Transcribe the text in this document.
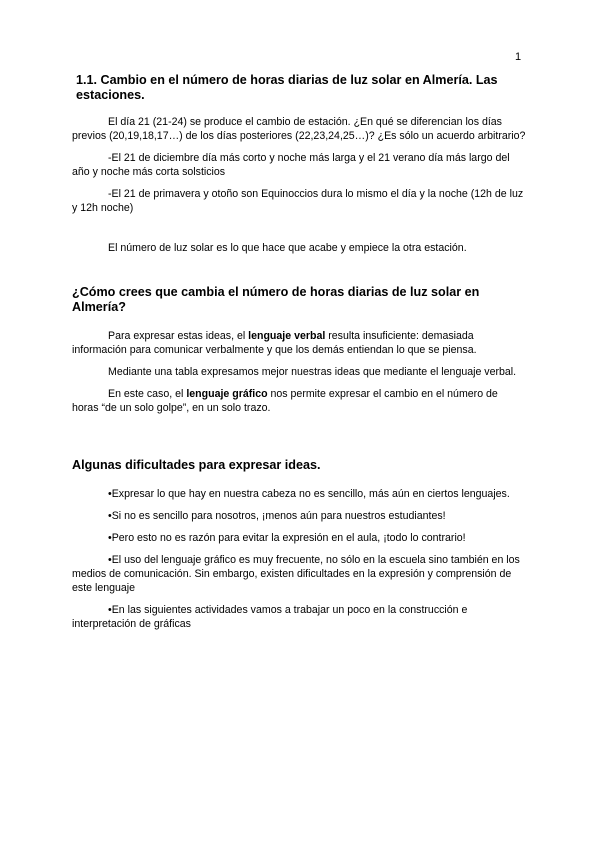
1
1.1. Cambio en el número de horas diarias de luz solar en Almería. Las estaciones.

El día 21 (21-24) se produce el cambio de estación. ¿En qué se diferencian los días previos (20,19,18,17…) de los días posteriores (22,23,24,25…)? ¿Es sólo un acuerdo arbitrario?

-El 21 de diciembre día más corto y noche más larga y el 21 verano día más largo del año y noche más corta solsticios

-El 21 de primavera y otoño son Equinoccios dura lo mismo el día y la noche (12h de luz y 12h noche)

El número de luz solar es lo que hace que acabe y empiece la otra estación.

¿Cómo crees que cambia el número de horas diarias de luz solar en Almería?

Para expresar estas ideas, el lenguaje verbal resulta insuficiente: demasiada información para comunicar verbalmente y que los demás entiendan lo que se piensa.

Mediante una tabla expresamos mejor nuestras ideas que mediante el lenguaje verbal.

En este caso, el lenguaje gráfico nos permite expresar el cambio en el número de horas “de un solo golpe”, en un solo trazo.

Algunas dificultades para expresar ideas.

•Expresar lo que hay en nuestra cabeza no es sencillo, más aún en ciertos lenguajes.

•Si no es sencillo para nosotros, ¡menos aún para nuestros estudiantes!

•Pero esto no es razón para evitar la expresión en el aula, ¡todo lo contrario!

•El uso del lenguaje gráfico es muy frecuente, no sólo en la escuela sino también en los medios de comunicación. Sin embargo, existen dificultades en la expresión y comprensión de este lenguaje

•En las siguientes actividades vamos a trabajar un poco en la construcción e interpretación de gráficas
